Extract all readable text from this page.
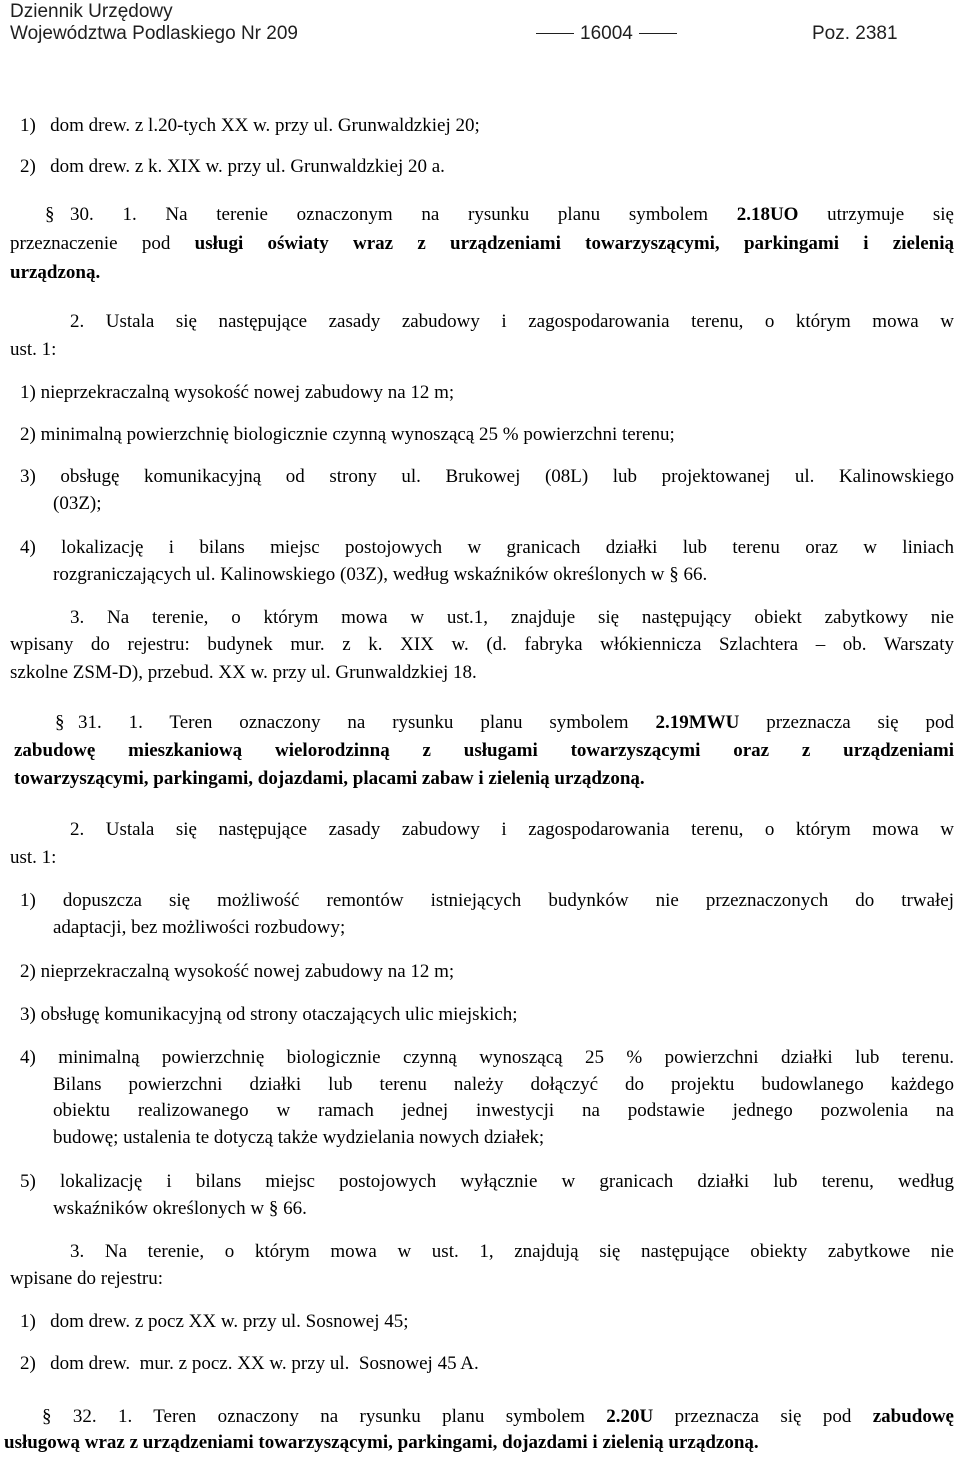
Dziennik Urzędowy
Województwa Podlaskiego Nr 209	16004	Poz. 2381
1)   dom drew. z l.20-tych XX w. przy ul. Grunwaldzkiej 20;
2)   dom drew. z k. XIX w. przy ul. Grunwaldzkiej 20 a.
§ 30. 1. Na terenie oznaczonym na rysunku planu symbolem 2.18UO utrzymuje się
przeznaczenie pod usługi oświaty wraz z urządzeniami towarzyszącymi, parkingami i zielenią
urządzoną.
2. Ustala się następujące zasady zabudowy i zagospodarowania terenu, o którym mowa w
ust. 1:
1) nieprzekraczalną wysokość nowej zabudowy na 12 m;
2) minimalną powierzchnię biologicznie czynną wynoszącą 25 % powierzchni terenu;
3) obsługę komunikacyjną od strony ul. Brukowej (08L) lub projektowanej ul. Kalinowskiego
(03Z);
4) lokalizację i bilans miejsc postojowych w granicach działki lub terenu oraz w liniach
rozgraniczających ul. Kalinowskiego (03Z), według wskaźników określonych w § 66.
3. Na terenie, o którym mowa w ust.1, znajduje się następujący obiekt zabytkowy nie
wpisany do rejestru: budynek mur. z k. XIX w. (d. fabryka włókiennicza Szlachtera – ob. Warszaty
szkolne ZSM-D), przebud. XX w. przy ul. Grunwaldzkiej 18.
§ 31. 1. Teren oznaczony na rysunku planu symbolem 2.19MWU przeznacza się pod
zabudowę mieszkaniową wielorodzinną z usługami towarzyszącymi oraz z urządzeniami
towarzyszącymi, parkingami, dojazdami, placami zabaw i zielenią urządzoną.
2. Ustala się następujące zasady zabudowy i zagospodarowania terenu, o którym mowa w
ust. 1:
1) dopuszcza się możliwość remontów istniejących budynków nie przeznaczonych do trwałej
adaptacji, bez możliwości rozbudowy;
2) nieprzekraczalną wysokość nowej zabudowy na 12 m;
3) obsługę komunikacyjną od strony otaczających ulic miejskich;
4) minimalną powierzchnię biologicznie czynną wynoszącą 25 % powierzchni działki lub terenu.
Bilans powierzchni działki lub terenu należy dołączyć do projektu budowlanego każdego
obiektu realizowanego w ramach jednej inwestycji na podstawie jednego pozwolenia na
budowę; ustalenia te dotyczą także wydzielania nowych działek;
5) lokalizację i bilans miejsc postojowych wyłącznie w granicach działki lub terenu, według
wskaźników określonych w § 66.
3. Na terenie, o którym mowa w ust. 1, znajdują się następujące obiekty zabytkowe nie
wpisane do rejestru:
1)   dom drew. z pocz XX w. przy ul. Sosnowej 45;
2)   dom drew.  mur. z pocz. XX w. przy ul.  Sosnowej 45 A.
§ 32. 1. Teren oznaczony na rysunku planu symbolem 2.20U przeznacza się pod zabudowę
usługową wraz z urządzeniami towarzyszącymi, parkingami, dojazdami i zielenią urządzoną.
